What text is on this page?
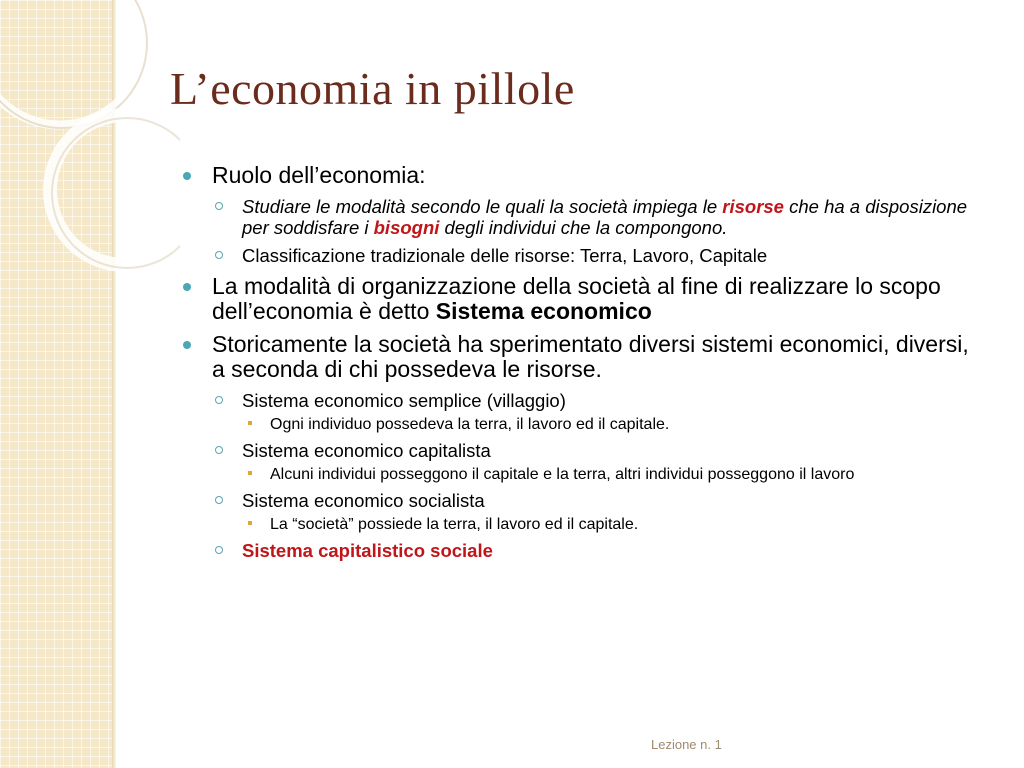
L’economia in pillole
Ruolo dell’economia:
Studiare le modalità secondo le quali la società impiega le risorse che ha a disposizione per soddisfare i bisogni degli individui che la compongono.
Classificazione tradizionale delle risorse: Terra, Lavoro, Capitale
La modalità di organizzazione della società al fine di realizzare lo scopo dell’economia è detto Sistema economico
Storicamente la società ha sperimentato diversi sistemi economici, diversi, a seconda di chi possedeva le risorse.
Sistema economico semplice (villaggio)
Ogni individuo possedeva la terra, il lavoro ed il capitale.
Sistema economico capitalista
Alcuni individui posseggono il capitale e la terra, altri individui posseggono il lavoro
Sistema economico socialista
La “società” possiede la terra, il lavoro ed il capitale.
Sistema capitalistico sociale
Lezione n. 1
